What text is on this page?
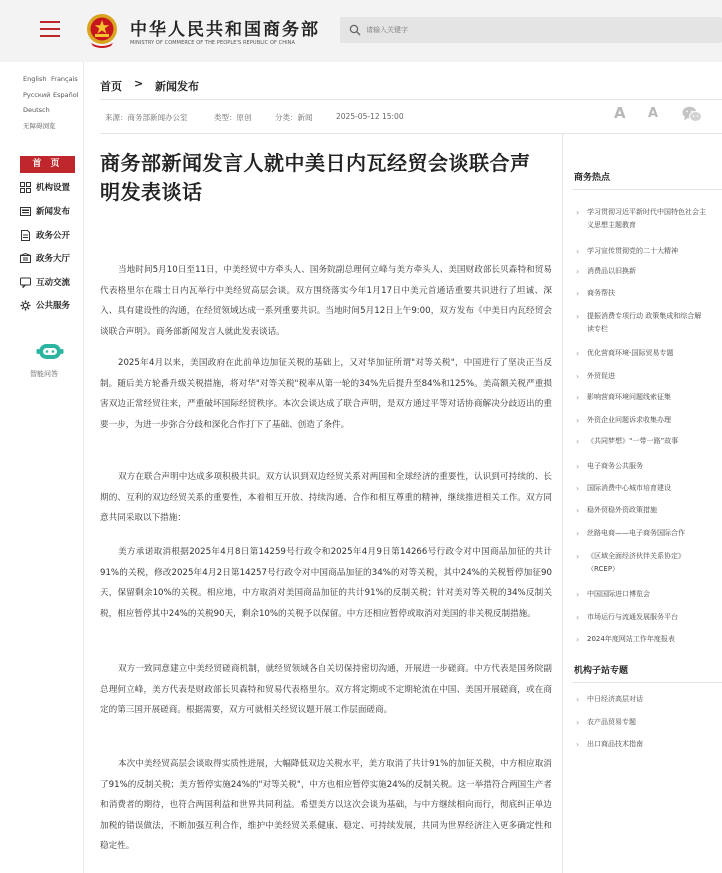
中华人民共和国商务部
MINISTRY OF COMMERCE OF THE PEOPLE'S REPUBLIC OF CHINA
请输入关键字
English Français
Русский Español
Deutsch
无障碍浏览
首 页
机构设置
新闻发布
政务公开
政务大厅
互动交流
公共服务
智能问答
首页 > 新闻发布
来源：商务部新闻办公室	类型：原创	分类：新闻	2025-05-12 15:00	A A
商务部新闻发言人就中美日内瓦经贸会谈联合声明发表谈话

当地时间5月10日至11日，中美经贸中方牵头人、国务院副总理何立峰与美方牵头人、美国财政部长贝森特和贸易代表格里尔在瑞士日内瓦举行中美经贸高层会谈。双方围绕落实今年1月17日中美元首通话重要共识进行了坦诚、深入、具有建设性的沟通，在经贸领域达成一系列重要共识。当地时间5月12日上午9:00，双方发布《中美日内瓦经贸会谈联合声明》。商务部新闻发言人就此发表谈话。

2025年4月以来，美国政府在此前单边加征关税的基础上，又对华加征所谓"对等关税"，中国进行了坚决正当反制。随后美方轮番升级关税措施，将对华"对等关税"税率从第一轮的34%先后提升至84%和125%。美高额关税严重损害双边正常经贸往来，严重破坏国际经贸秩序。本次会谈达成了联合声明，是双方通过平等对话协商解决分歧迈出的重要一步，为进一步弥合分歧和深化合作打下了基础、创造了条件。

双方在联合声明中达成多项积极共识。双方认识到双边经贸关系对两国和全球经济的重要性，认识到可持续的、长期的、互利的双边经贸关系的重要性，本着相互开放、持续沟通、合作和相互尊重的精神，继续推进相关工作。双方同意共同采取以下措施：

美方承诺取消根据2025年4月8日第14259号行政令和2025年4月9日第14266号行政令对中国商品加征的共计91%的关税，修改2025年4月2日第14257号行政令对中国商品加征的34%的对等关税，其中24%的关税暂停加征90天，保留剩余10%的关税。相应地，中方取消对美国商品加征的共计91%的反制关税；针对美对等关税的34%反制关税，相应暂停其中24%的关税90天，剩余10%的关税予以保留。中方还相应暂停或取消对美国的非关税反制措施。

双方一致同意建立中美经贸磋商机制，就经贸领域各自关切保持密切沟通，开展进一步磋商。中方代表是国务院副总理何立峰，美方代表是财政部长贝森特和贸易代表格里尔。双方将定期或不定期轮流在中国、美国开展磋商，或在商定的第三国开展磋商。根据需要，双方可就相关经贸议题开展工作层面磋商。

本次中美经贸高层会谈取得实质性进展，大幅降低双边关税水平，美方取消了共计91%的加征关税，中方相应取消了91%的反制关税；美方暂停实施24%的"对等关税"，中方也相应暂停实施24%的反制关税。这一举措符合两国生产者和消费者的期待，也符合两国利益和世界共同利益。希望美方以这次会谈为基础，与中方继续相向而行，彻底纠正单边加税的错误做法，不断加强互利合作，维护中美经贸关系健康、稳定、可持续发展，共同为世界经济注入更多确定性和稳定性。

商务热点
› 学习贯彻习近平新时代中国特色社会主义思想主题教育
› 学习宣传贯彻党的二十大精神
› 消费品以旧换新
› 商务帮扶
› 提振消费专项行动 政策集成和综合解读专栏
› 优化营商环境-国际贸易专题
› 外贸促进
› 影响营商环境问题线索征集
› 外资企业问题诉求收集办理
› 《共同梦想》“一带一路”故事
› 电子商务公共服务
› 国际消费中心城市培育建设
› 稳外贸稳外资政策措施
› 丝路电商——电子商务国际合作
› 《区域全面经济伙伴关系协定》（RCEP）
› 中国国际进口博览会
› 市场运行与流通发展服务平台
› 2024年度网站工作年度报表
机构子站专题
› 中日经济高层对话
› 农产品贸易专题
› 出口商品技术指南
